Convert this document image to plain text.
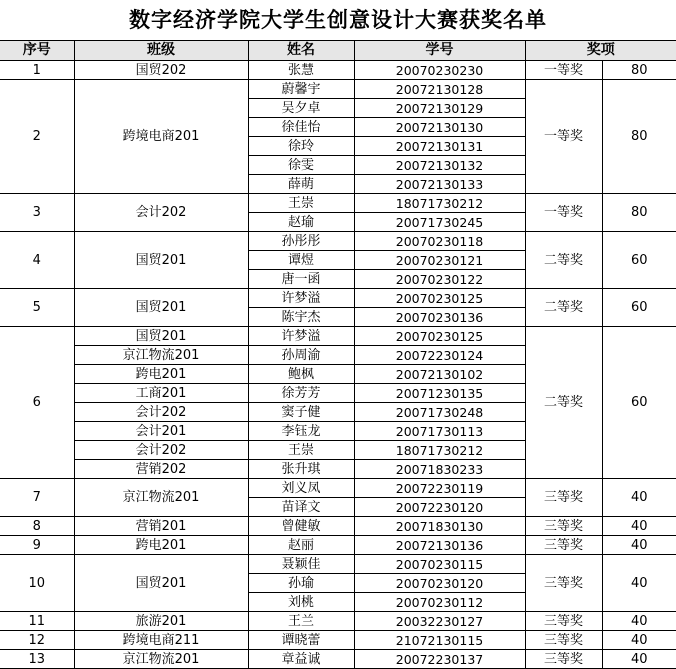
数字经济学院大学生创意设计大赛获奖名单
序号	班级	姓名	学号	奖项	
1	国贸202	张慧	20070230230	一等奖	80
2	跨境电商201	蔚馨宇	20072130128	一等奖	80
		吴夕卓	20072130129		
		徐佳怡	20072130130		
		徐玲	20072130131		
		徐雯	20072130132		
		薛萌	20072130133		
3	会计202	王崇	18071730212	一等奖	80
		赵瑜	20071730245		
4	国贸201	孙彤彤	20070230118	二等奖	60
		谭煜	20070230121		
		唐一函	20070230122		
5	国贸201	许梦溢	20070230125	二等奖	60
		陈宇杰	20070230136		
6	国贸201	许梦溢	20070230125	二等奖	60
	京江物流201	孙周渝	20072230124		
	跨电201	鲍枫	20072130102		
	工商201	徐芳芳	20071230135		
	会计202	窦子健	20071730248		
	会计201	李钰龙	20071730113		
	会计202	王崇	18071730212		
	营销202	张升琪	20071830233		
7	京江物流201	刘义凤	20072230119	三等奖	40
		苗译文	20072230120		
8	营销201	曾健敏	20071830130	三等奖	40
9	跨电201	赵丽	20072130136	三等奖	40
10	国贸201	聂颖佳	20070230115	三等奖	40
		孙瑜	20070230120		
		刘桃	20070230112		
11	旅游201	王兰	20032230127	三等奖	40
12	跨境电商211	谭晓蕾	21072130115	三等奖	40
13	京江物流201	章益诚	20072230137	三等奖	40
